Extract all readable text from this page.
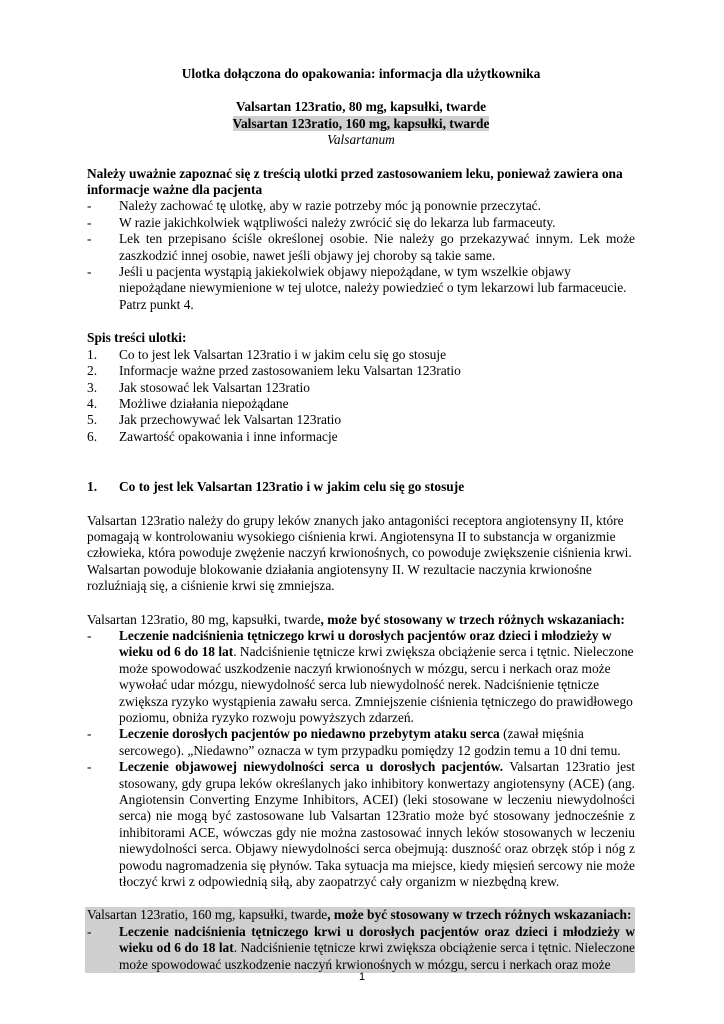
Ulotka dołączona do opakowania: informacja dla użytkownika

Valsartan 123ratio, 80 mg, kapsułki, twarde

Valsartan 123ratio, 160 mg, kapsułki, twarde

Valsartanum

Należy uważnie zapoznać się z treścią ulotki przed zastosowaniem leku, ponieważ zawiera ona informacje ważne dla pacjenta

-	Należy zachować tę ulotkę, aby w razie potrzeby móc ją ponownie przeczytać.
-	W razie jakichkolwiek wątpliwości należy zwrócić się do lekarza lub farmaceuty.
-	Lek ten przepisano ściśle określonej osobie. Nie należy go przekazywać innym. Lek może zaszkodzić innej osobie, nawet jeśli objawy jej choroby są takie same.
-	Jeśli u pacjenta wystąpią jakiekolwiek objawy niepożądane, w tym wszelkie objawy niepożądane niewymienione w tej ulotce, należy powiedzieć o tym lekarzowi lub farmaceucie. Patrz punkt 4.

Spis treści ulotki:

1.	Co to jest lek Valsartan 123ratio i w jakim celu się go stosuje
2.	Informacje ważne przed zastosowaniem leku Valsartan 123ratio
3.	Jak stosować lek Valsartan 123ratio
4.	Możliwe działania niepożądane
5.	Jak przechowywać lek Valsartan 123ratio
6.	Zawartość opakowania i inne informacje
1.	Co to jest lek Valsartan 123ratio i w jakim celu się go stosuje

Valsartan 123ratio należy do grupy leków znanych jako antagoniści receptora angiotensyny II, które pomagają w kontrolowaniu wysokiego ciśnienia krwi. Angiotensyna II to substancja w organizmie człowieka, która powoduje zwężenie naczyń krwionośnych, co powoduje zwiększenie ciśnienia krwi. Walsartan powoduje blokowanie działania angiotensyny II. W rezultacie naczynia krwionośne rozluźniają się, a ciśnienie krwi się zmniejsza.

Valsartan 123ratio, 80 mg, kapsułki, twarde, może być stosowany w trzech różnych wskazaniach:

-	Leczenie nadciśnienia tętniczego krwi u dorosłych pacjentów oraz dzieci i młodzieży w wieku od 6 do 18 lat. Nadciśnienie tętnicze krwi zwiększa obciążenie serca i tętnic. Nieleczone może spowodować uszkodzenie naczyń krwionośnych w mózgu, sercu i nerkach oraz może wywołać udar mózgu, niewydolność serca lub niewydolność nerek. Nadciśnienie tętnicze zwiększa ryzyko wystąpienia zawału serca. Zmniejszenie ciśnienia tętniczego do prawidłowego poziomu, obniża ryzyko rozwoju powyższych zdarzeń.
-	Leczenie dorosłych pacjentów po niedawno przebytym ataku serca (zawał mięśnia sercowego). „Niedawno” oznacza w tym przypadku pomiędzy 12 godzin temu a 10 dni temu.
-	Leczenie objawowej niewydolności serca u dorosłych pacjentów. Valsartan 123ratio jest stosowany, gdy grupa leków określanych jako inhibitory konwertazy angiotensyny (ACE) (ang. Angiotensin Converting Enzyme Inhibitors, ACEI) (leki stosowane w leczeniu niewydolności serca) nie mogą być zastosowane lub Valsartan 123ratio może być stosowany jednocześnie z inhibitorami ACE, wówczas gdy nie można zastosować innych leków stosowanych w leczeniu niewydolności serca. Objawy niewydolności serca obejmują: duszność oraz obrzęk stóp i nóg z powodu nagromadzenia się płynów. Taka sytuacja ma miejsce, kiedy mięsień sercowy nie może tłoczyć krwi z odpowiednią siłą, aby zaopatrzyć cały organizm w niezbędną krew.

Valsartan 123ratio, 160 mg, kapsułki, twarde, może być stosowany w trzech różnych wskazaniach:

-	Leczenie nadciśnienia tętniczego krwi u dorosłych pacjentów oraz dzieci i młodzieży w wieku od 6 do 18 lat. Nadciśnienie tętnicze krwi zwiększa obciążenie serca i tętnic. Nieleczone może spowodować uszkodzenie naczyń krwionośnych w mózgu, sercu i nerkach oraz może
1
